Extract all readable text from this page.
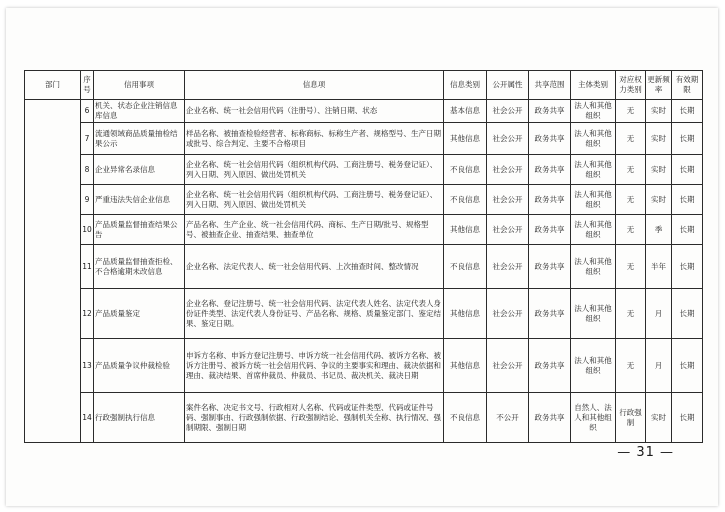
部门	序号	信用事项	信息项	信息类别	公开属性	共享范围	主体类别	对应权力类别	更新频率	有效期限
	6	机关、状态企业注销信息库信息	企业名称、统一社会信用代码（注册号）、注销日期、状态	基本信息	社会公开	政务共享	法人和其他组织	无	实时	长期
	7	流通领域商品质量抽检结果公示	样品名称、被抽查检验经营者、标称商标、标称生产者、规格型号、生产日期或批号、综合判定、主要不合格项目	其他信息	社会公开	政务共享	法人和其他组织	无	实时	长期
	8	企业异常名录信息	企业名称、统一社会信用代码（组织机构代码、工商注册号、税务登记证）、列入日期、列入原因、做出处罚机关	不良信息	社会公开	政务共享	法人和其他组织	无	实时	长期
	9	严重违法失信企业信息	企业名称、统一社会信用代码（组织机构代码、工商注册号、税务登记证）、列入日期、列入原因、做出处罚机关	不良信息	社会公开	政务共享	法人和其他组织	无	实时	长期
	10	产品质量监督抽查结果公告	产品名称、生产企业、统一社会信用代码、商标、生产日期/批号、规格型号、被抽查企业、抽查结果、抽查单位	其他信息	社会公开	政务共享	法人和其他组织	无	季	长期
	11	产品质量监督抽查拒检、不合格逾期未改信息	企业名称、法定代表人、统一社会信用代码、上次抽查时间、整改情况	不良信息	社会公开	政务共享	法人和其他组织	无	半年	长期
	12	产品质量鉴定	企业名称、登记注册号、统一社会信用代码、法定代表人姓名、法定代表人身份证件类型、法定代表人身份证号、产品名称、规格、质量鉴定部门、鉴定结果、鉴定日期。	其他信息	社会公开	政务共享	法人和其他组织	无	月	长期
	13	产品质量争议仲裁检验	申诉方名称、申诉方登记注册号、申诉方统一社会信用代码、被诉方名称、被诉方注册号、被诉方统一社会信用代码、争议的主要事实和理由、裁决依据和理由、裁决结果、首席仲裁员、仲裁员、书记员、裁决机关、裁决日期	其他信息	社会公开	政务共享	法人和其他组织	无	月	长期
	14	行政强制执行信息	案件名称、决定书文号、行政相对人名称、代码或证件类型、代码或证件号码、强制事由、行政强制依据、行政强制结论、强制机关全称、执行情况、强制期限、强制日期	不良信息	不公开	政务共享	自然人、法人和其他组织	行政强制	实时	长期
— 31 —
